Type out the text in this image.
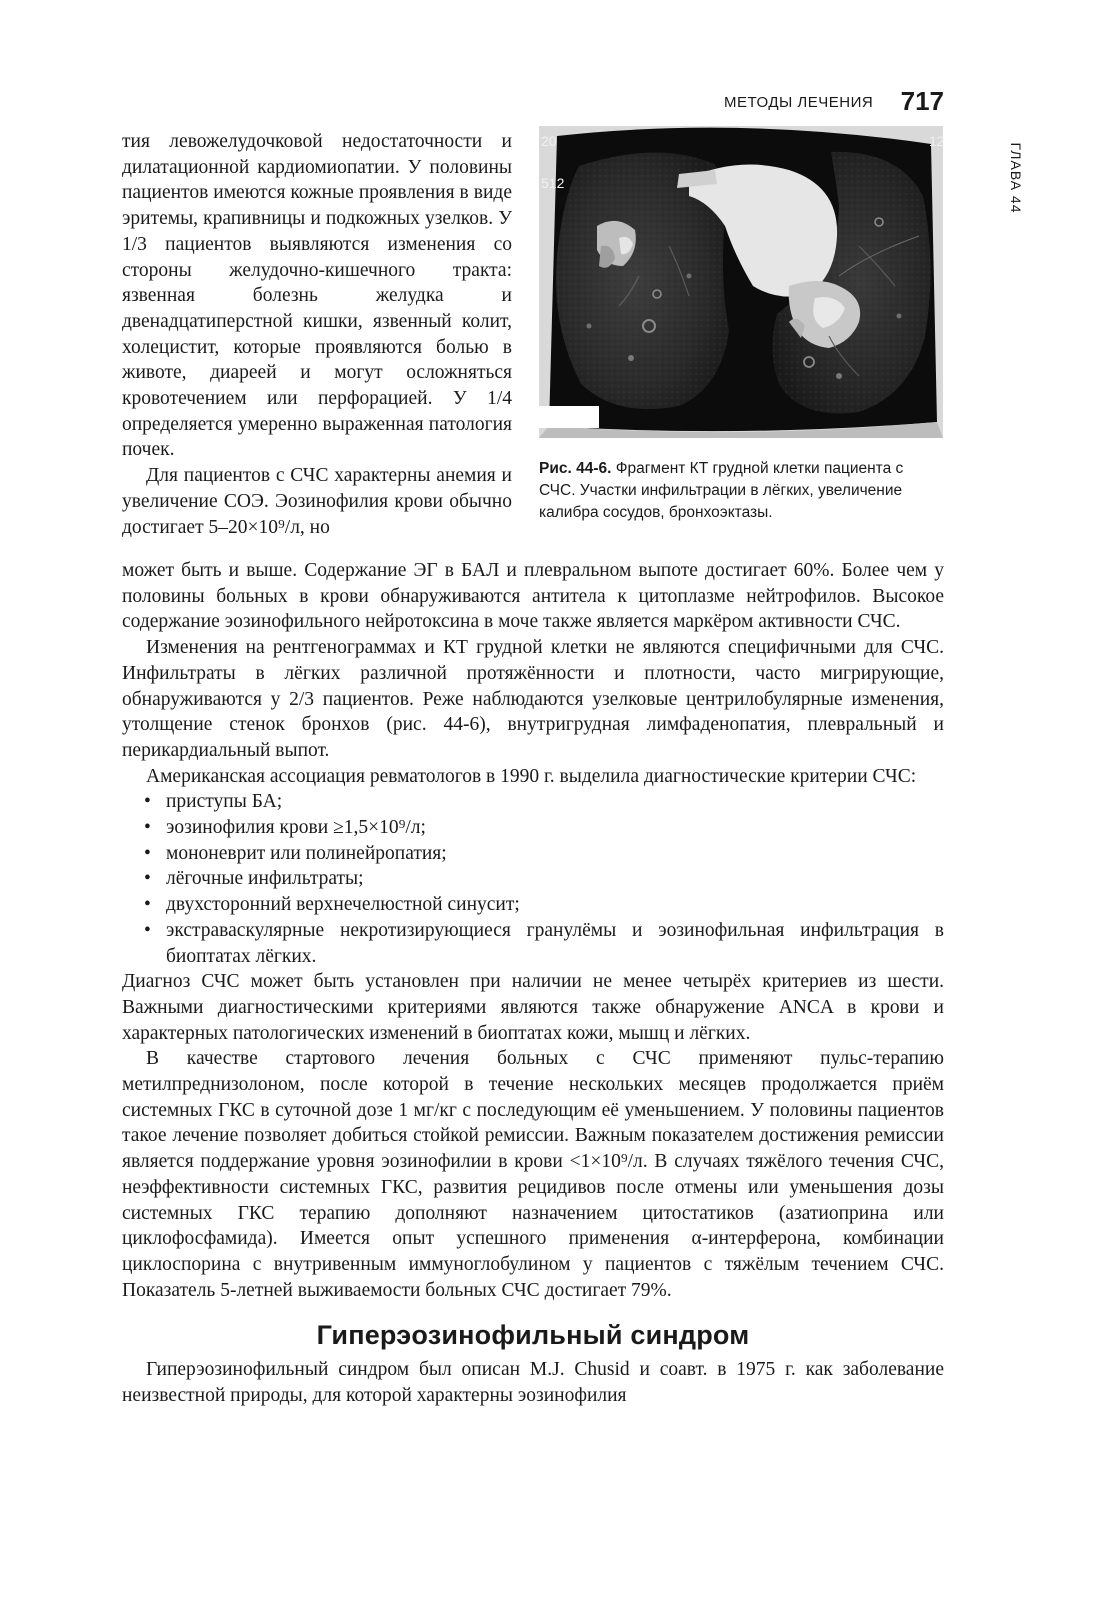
МЕТОДЫ ЛЕЧЕНИЯ 717
ГЛАВА 44

тия левожелудочковой недостаточности и дилатационной кардиомиопатии. У половины пациентов имеются кожные проявления в виде эритемы, крапивницы и подкожных узелков. У 1/3 пациентов выявляются изменения со стороны желудочно-кишечного тракта: язвенная болезнь желудка и двенадцатиперстной кишки, язвенный колит, холецистит, которые проявляются болью в животе, диареей и могут осложняться кровотечением или перфорацией. У 1/4 определяется умеренно выраженная патология почек.

Для пациентов с СЧС характерны анемия и увеличение СОЭ. Эозинофилия крови обычно достигает 5–20×10⁹/л, но

20	12
512
Рис. 44-6. Фрагмент КТ грудной клетки пациента с СЧС. Участки инфильтрации в лёгких, увеличение калибра сосудов, бронхоэктазы.

может быть и выше. Содержание ЭГ в БАЛ и плевральном выпоте достигает 60%. Более чем у половины больных в крови обнаруживаются антитела к цитоплазме нейтрофилов. Высокое содержание эозинофильного нейротоксина в моче также является маркёром активности СЧС.

Изменения на рентгенограммах и КТ грудной клетки не являются специфичными для СЧС. Инфильтраты в лёгких различной протяжённости и плотности, часто мигрирующие, обнаруживаются у 2/3 пациентов. Реже наблюдаются узелковые центрилобулярные изменения, утолщение стенок бронхов (рис. 44-6), внутригрудная лимфаденопатия, плевральный и перикардиальный выпот.

Американская ассоциация ревматологов в 1990 г. выделила диагностические критерии СЧС:

• приступы БА;
• эозинофилия крови ≥1,5×10⁹/л;
• мононеврит или полинейропатия;
• лёгочные инфильтраты;
• двухсторонний верхнечелюстной синусит;
• экстраваскулярные некротизирующиеся гранулёмы и эозинофильная инфильтрация в биоптатах лёгких.

Диагноз СЧС может быть установлен при наличии не менее четырёх критериев из шести. Важными диагностическими критериями являются также обнаружение ANCA в крови и характерных патологических изменений в биоптатах кожи, мышц и лёгких.

В качестве стартового лечения больных с СЧС применяют пульс-терапию метилпреднизолоном, после которой в течение нескольких месяцев продолжается приём системных ГКС в суточной дозе 1 мг/кг с последующим её уменьшением. У половины пациентов такое лечение позволяет добиться стойкой ремиссии. Важным показателем достижения ремиссии является поддержание уровня эозинофилии в крови <1×10⁹/л. В случаях тяжёлого течения СЧС, неэффективности системных ГКС, развития рецидивов после отмены или уменьшения дозы системных ГКС терапию дополняют назначением цитостатиков (азатиоприна или циклофосфамида). Имеется опыт успешного применения α-интерферона, комбинации циклоспорина с внутривенным иммуноглобулином у пациентов с тяжёлым течением СЧС. Показатель 5-летней выживаемости больных СЧС достигает 79%.

Гиперэозинофильный синдром

Гиперэозинофильный синдром был описан M.J. Chusid и соавт. в 1975 г. как заболевание неизвестной природы, для которой характерны эозинофилия
